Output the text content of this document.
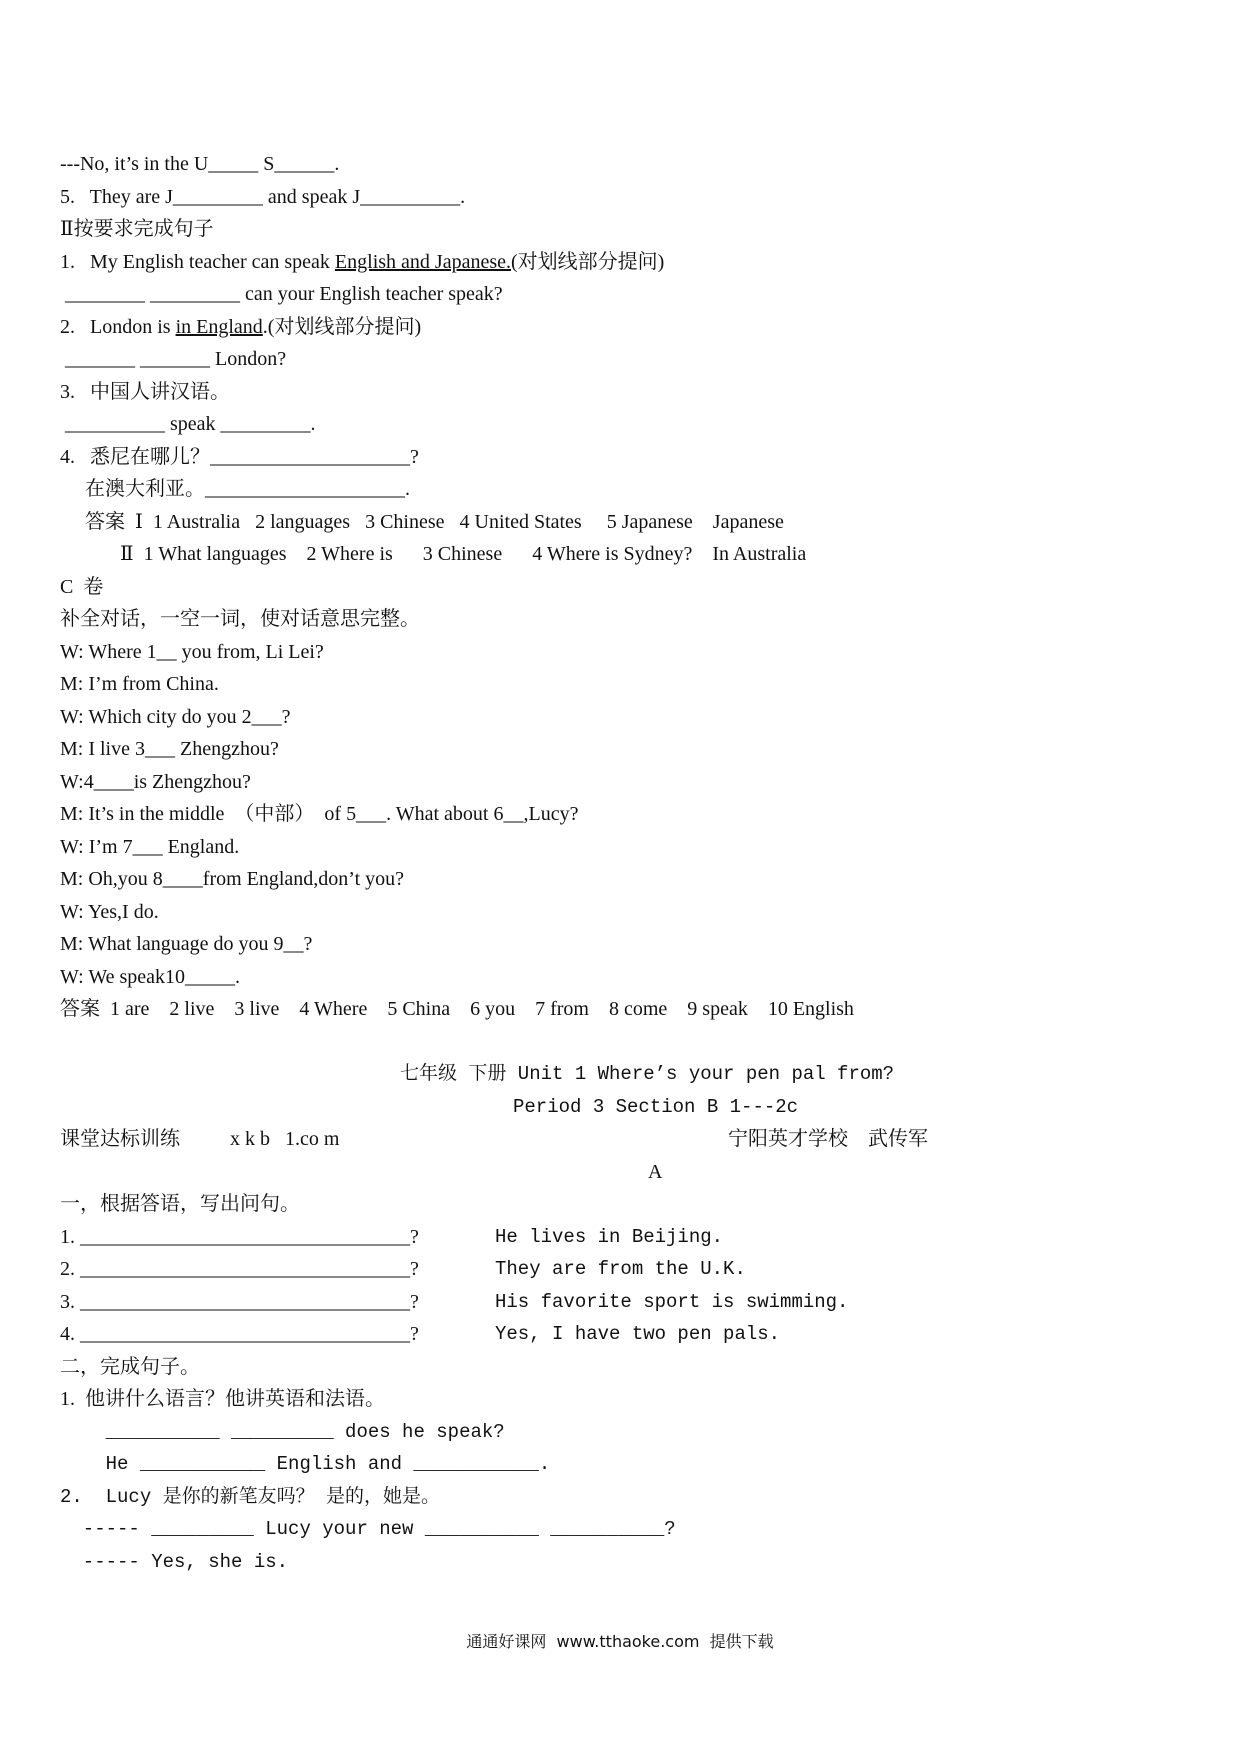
---No, it’s in the U_____ S______.
5.   They are J_________ and speak J__________.
Ⅱ按要求完成句子
1.   My English teacher can speak English and Japanese.(对划线部分提问)
________ _________ can your English teacher speak?
2.   London is in England.(对划线部分提问)
_______ _______ London?
3.   中国人讲汉语。
__________ speak _________.
4.   悉尼在哪儿？____________________?
在澳大利亚。____________________.
答案  Ⅰ  1 Australia   2 languages   3 Chinese   4 United States     5 Japanese    Japanese
Ⅱ  1 What languages    2 Where is      3 Chinese      4 Where is Sydney?    In Australia
C  卷
补全对话，一空一词，使对话意思完整。
W: Where 1__ you from, Li Lei?
M: I’m from China.
W: Which city do you 2___?
M: I live 3___ Zhengzhou?
W:4____is Zhengzhou?
M: It’s in the middle  （中部）  of 5___. What about 6__,Lucy?
W: I’m 7___ England.
M: Oh,you 8____from England,don’t you?
W: Yes,I do.
M: What language do you 9__?
W: We speak10_____.
答案  1 are    2 live    3 live    4 Where    5 China    6 you    7 from    8 come    9 speak    10 English
七年级 下册 Unit 1 Where’s your pen pal from?
Period 3 Section B 1---2c
课堂达标训练          x k b   1.co m	宁阳英才学校    武传军
A
一，根据答语，写出问句。
1. _________________________________?	He lives in Beijing.
2. _________________________________?	They are from the U.K.
3. _________________________________?	His favorite sport is swimming.
4. _________________________________?	Yes, I have two pen pals.
二，完成句子。
1.  他讲什么语言？他讲英语和法语。
__________ _________ does he speak?
He ___________ English and ___________.
2.  Lucy 是你的新笔友吗？ 是的，她是。
----- _________ Lucy your new __________ __________?
----- Yes, she is.
通通好课网  www.tthaoke.com  提供下载
